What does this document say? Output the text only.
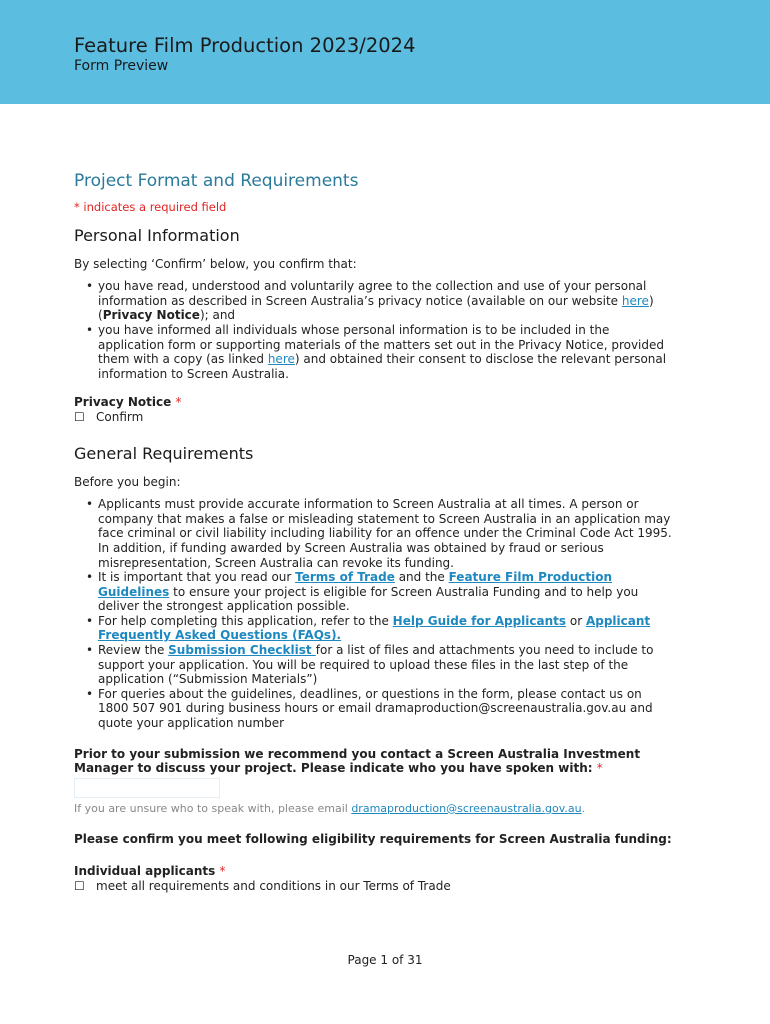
Feature Film Production 2023/2024
Form Preview
Project Format and Requirements
* indicates a required field
Personal Information
By selecting ‘Confirm’ below, you confirm that:
• you have read, understood and voluntarily agree to the collection and use of your personal information as described in Screen Australia’s privacy notice (available on our website here) (Privacy Notice); and
• you have informed all individuals whose personal information is to be included in the application form or supporting materials of the matters set out in the Privacy Notice, provided them with a copy (as linked here) and obtained their consent to disclose the relevant personal information to Screen Australia.
Privacy Notice *
☐ Confirm
General Requirements
Before you begin:
• Applicants must provide accurate information to Screen Australia at all times. A person or company that makes a false or misleading statement to Screen Australia in an application may face criminal or civil liability including liability for an offence under the Criminal Code Act 1995. In addition, if funding awarded by Screen Australia was obtained by fraud or serious misrepresentation, Screen Australia can revoke its funding.
• It is important that you read our Terms of Trade and the Feature Film Production Guidelines to ensure your project is eligible for Screen Australia Funding and to help you deliver the strongest application possible.
• For help completing this application, refer to the Help Guide for Applicants or Applicant Frequently Asked Questions (FAQs).
• Review the Submission Checklist for a list of files and attachments you need to include to support your application. You will be required to upload these files in the last step of the application (“Submission Materials”)
• For queries about the guidelines, deadlines, or questions in the form, please contact us on 1800 507 901 during business hours or email dramaproduction@screenaustralia.gov.au and quote your application number
Prior to your submission we recommend you contact a Screen Australia Investment Manager to discuss your project. Please indicate who you have spoken with: *
If you are unsure who to speak with, please email dramaproduction@screenaustralia.gov.au.
Please confirm you meet following eligibility requirements for Screen Australia funding:
Individual applicants *
☐ meet all requirements and conditions in our Terms of Trade
Page 1 of 31
